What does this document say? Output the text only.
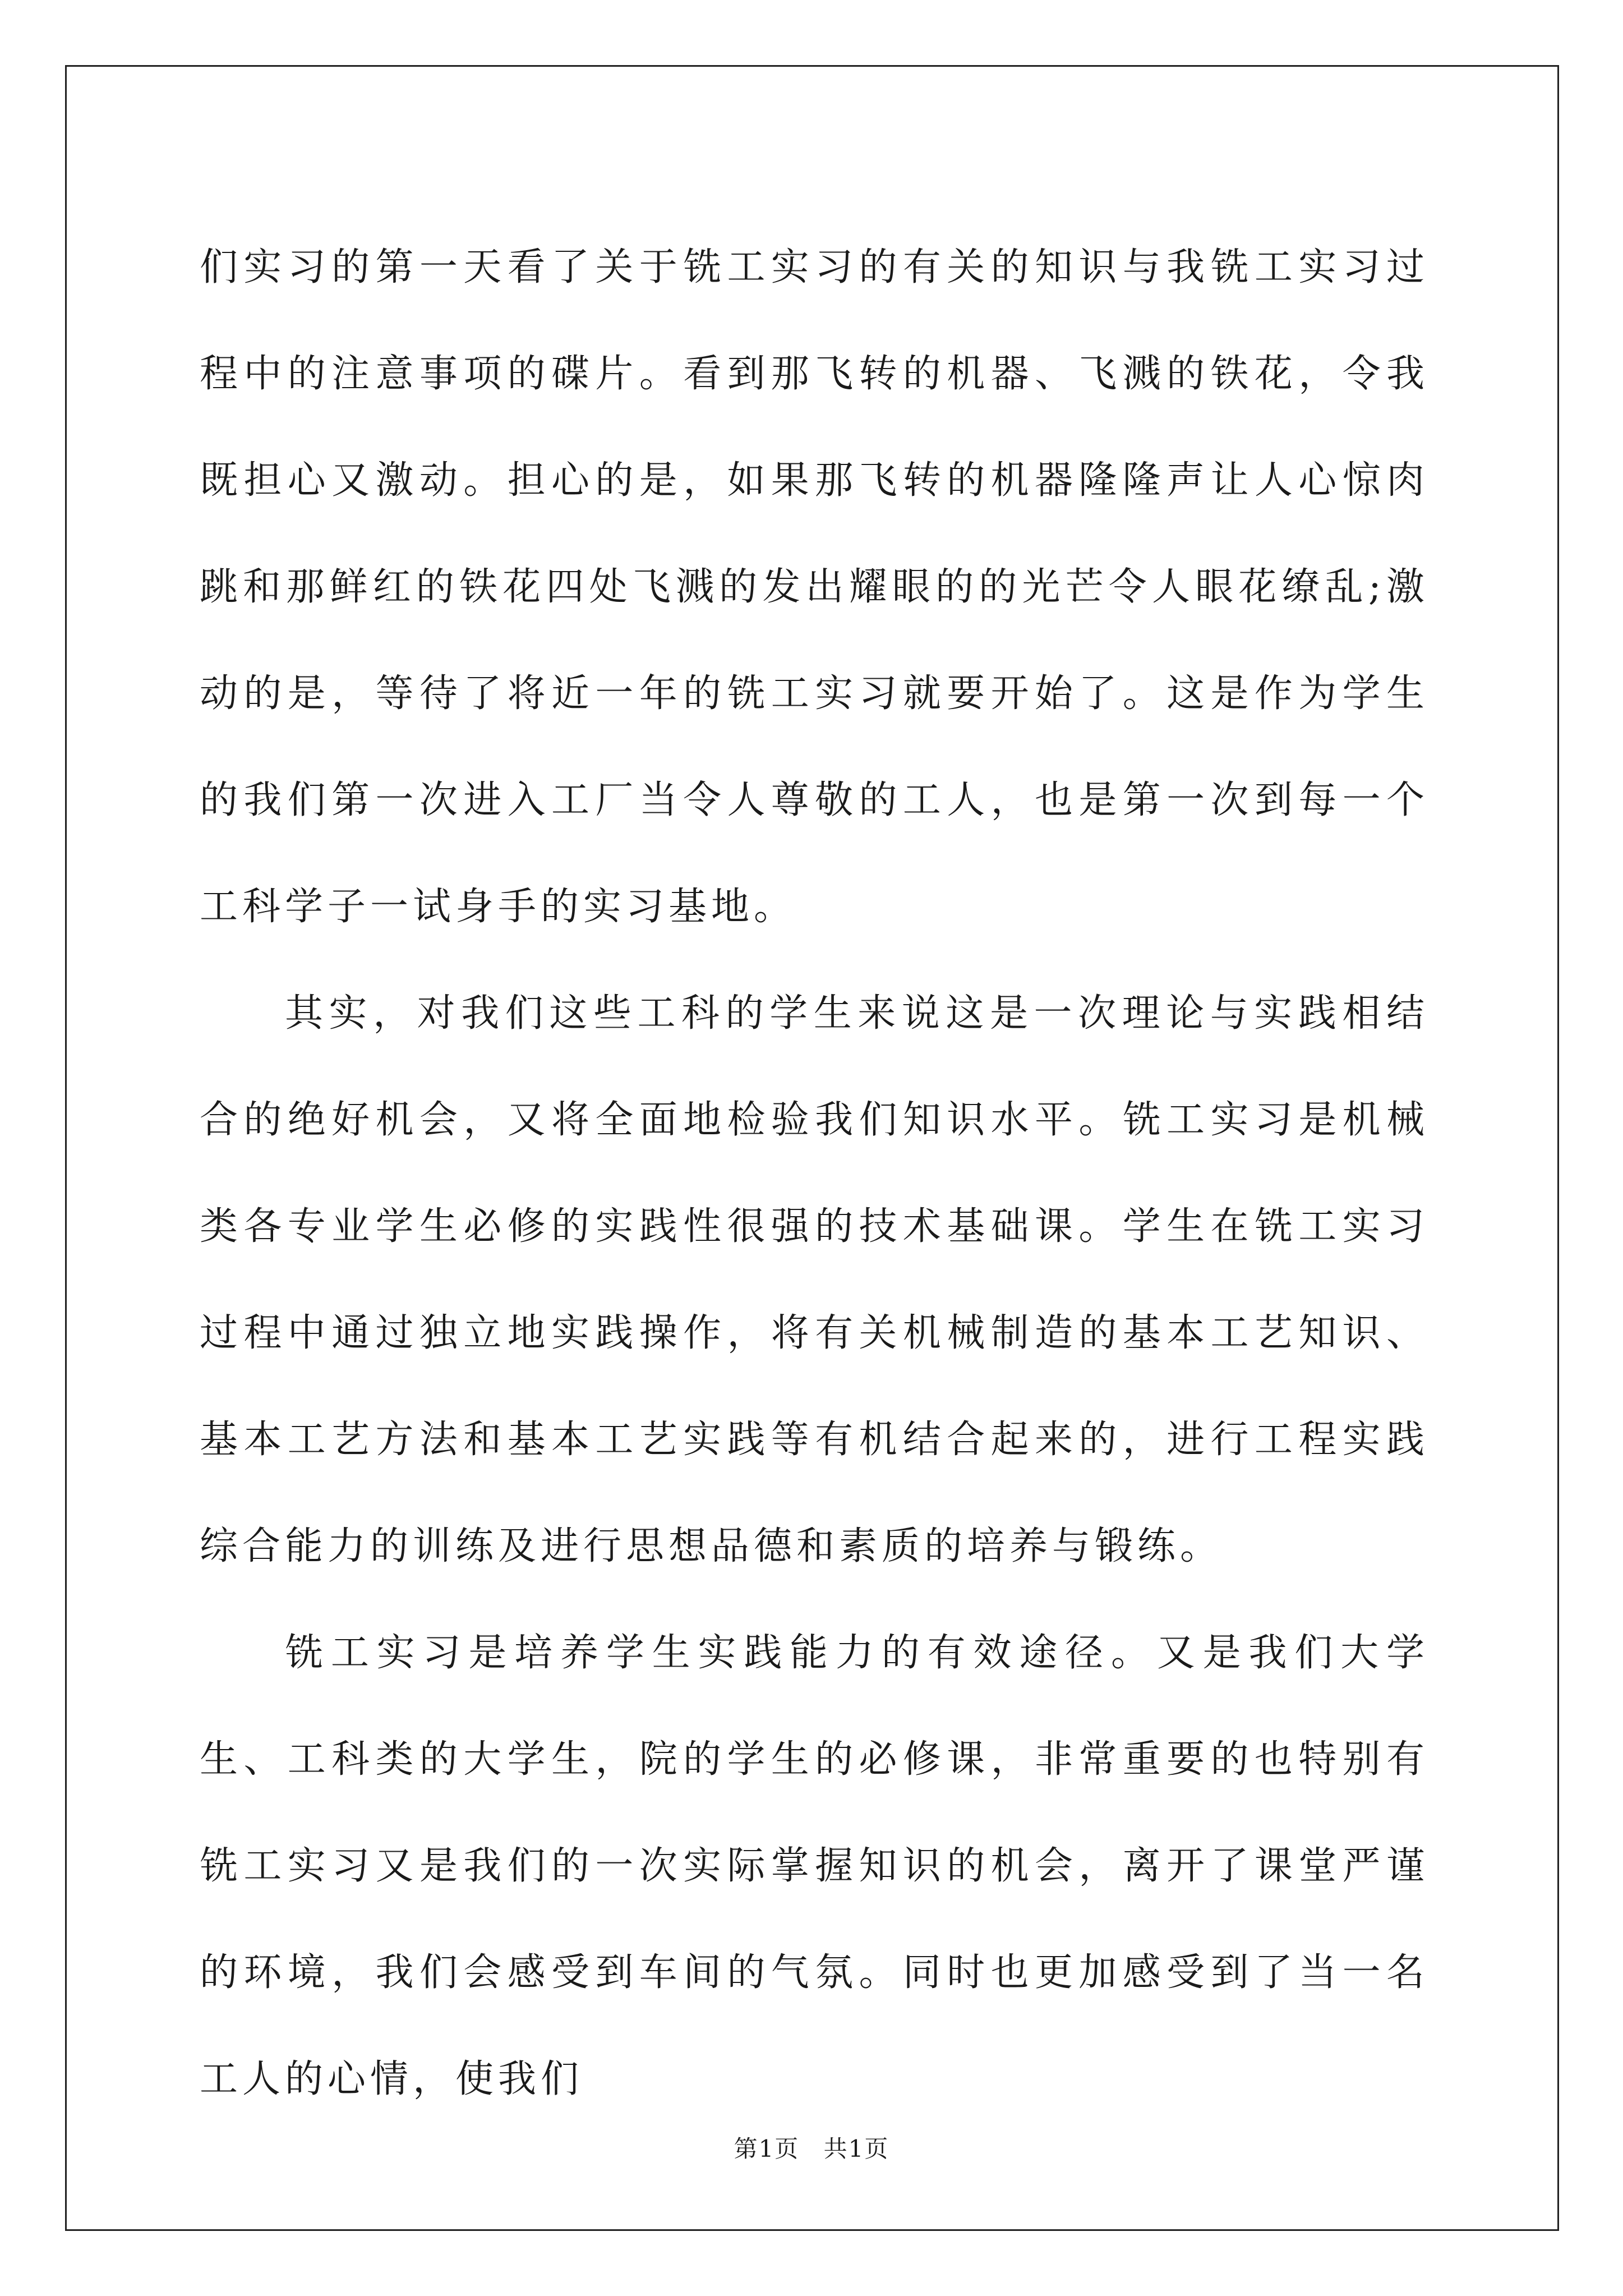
们实习的第一天看了关于铣工实习的有关的知识与我铣工实习过程中的注意事项的碟片。看到那飞转的机器、飞溅的铁花，令我既担心又激动。担心的是，如果那飞转的机器隆隆声让人心惊肉跳和那鲜红的铁花四处飞溅的发出耀眼的的光芒令人眼花缭乱;激动的是，等待了将近一年的铣工实习就要开始了。这是作为学生的我们第一次进入工厂当令人尊敬的工人，也是第一次到每一个工科学子一试身手的实习基地。

其实，对我们这些工科的学生来说这是一次理论与实践相结合的绝好机会，又将全面地检验我们知识水平。铣工实习是机械类各专业学生必修的实践性很强的技术基础课。学生在铣工实习过程中通过独立地实践操作，将有关机械制造的基本工艺知识、基本工艺方法和基本工艺实践等有机结合起来的，进行工程实践综合能力的训练及进行思想品德和素质的培养与锻练。

铣工实习是培养学生实践能力的有效途径。又是我们大学生、工科类的大学生，院的学生的必修课，非常重要的也特别有铣工实习又是我们的一次实际掌握知识的机会，离开了课堂严谨的环境，我们会感受到车间的气氛。同时也更加感受到了当一名工人的心情，使我们

第1页 共1页
